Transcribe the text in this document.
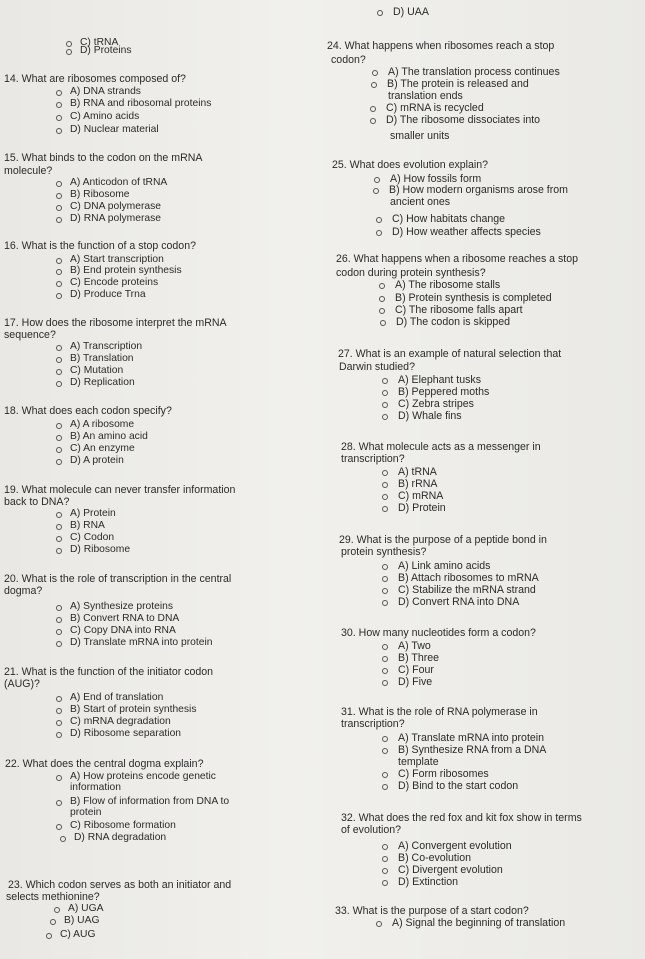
C) tRNA
D) Proteins
14. What are ribosomes composed of?
A) DNA strands
B) RNA and ribosomal proteins
C) Amino acids
D) Nuclear material
15. What binds to the codon on the mRNA
molecule?
A) Anticodon of tRNA
B) Ribosome
C) DNA polymerase
D) RNA polymerase
16. What is the function of a stop codon?
A) Start transcription
B) End protein synthesis
C) Encode proteins
D) Produce Trna
17. How does the ribosome interpret the mRNA
sequence?
A) Transcription
B) Translation
C) Mutation
D) Replication
18. What does each codon specify?
A) A ribosome
B) An amino acid
C) An enzyme
D) A protein
19. What molecule can never transfer information
back to DNA?
A) Protein
B) RNA
C) Codon
D) Ribosome
20. What is the role of transcription in the central
dogma?
A) Synthesize proteins
B) Convert RNA to DNA
C) Copy DNA into RNA
D) Translate mRNA into protein
21. What is the function of the initiator codon
(AUG)?
A) End of translation
B) Start of protein synthesis
C) mRNA degradation
D) Ribosome separation
22. What does the central dogma explain?
A) How proteins encode genetic
information
B) Flow of information from DNA to
protein
C) Ribosome formation
D) RNA degradation
23. Which codon serves as both an initiator and
selects methionine?
A) UGA
B) UAG
C) AUG
D) UAA
24. What happens when ribosomes reach a stop
codon?
A) The translation process continues
B) The protein is released and
translation ends
C) mRNA is recycled
D) The ribosome dissociates into
smaller units
25. What does evolution explain?
A) How fossils form
B) How modern organisms arose from
ancient ones
C) How habitats change
D) How weather affects species
26. What happens when a ribosome reaches a stop
codon during protein synthesis?
A) The ribosome stalls
B) Protein synthesis is completed
C) The ribosome falls apart
D) The codon is skipped
27. What is an example of natural selection that
Darwin studied?
A) Elephant tusks
B) Peppered moths
C) Zebra stripes
D) Whale fins
28. What molecule acts as a messenger in
transcription?
A) tRNA
B) rRNA
C) mRNA
D) Protein
29. What is the purpose of a peptide bond in
protein synthesis?
A) Link amino acids
B) Attach ribosomes to mRNA
C) Stabilize the mRNA strand
D) Convert RNA into DNA
30. How many nucleotides form a codon?
A) Two
B) Three
C) Four
D) Five
31. What is the role of RNA polymerase in
transcription?
A) Translate mRNA into protein
B) Synthesize RNA from a DNA
template
C) Form ribosomes
D) Bind to the start codon
32. What does the red fox and kit fox show in terms
of evolution?
A) Convergent evolution
B) Co-evolution
C) Divergent evolution
D) Extinction
33. What is the purpose of a start codon?
A) Signal the beginning of translation
